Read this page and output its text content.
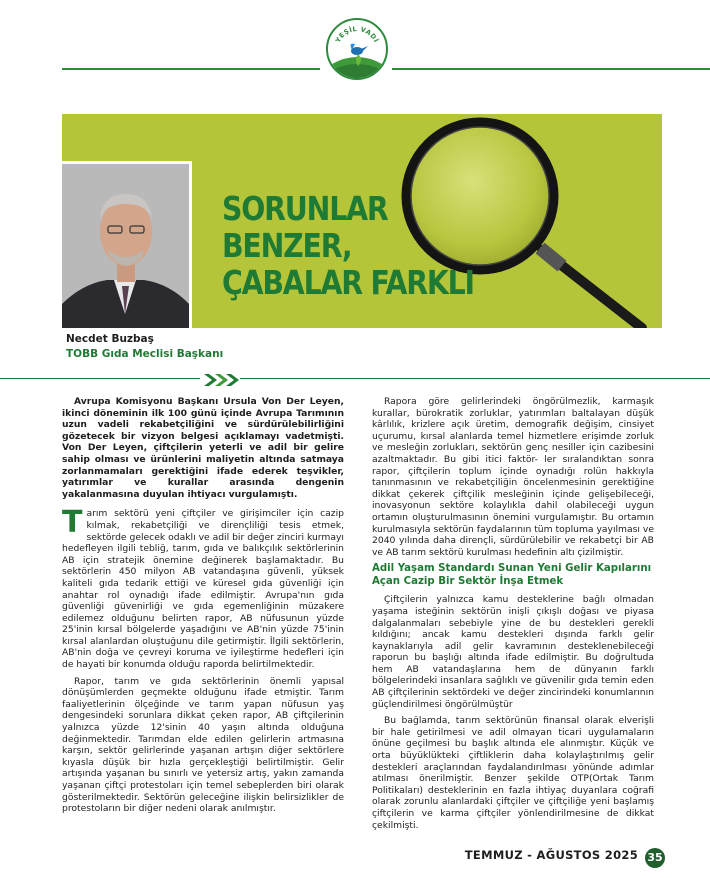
YEŞİL VADİ
SORUNLAR BENZER,
ÇABALAR FARKLI
Necdet Buzbaş
TOBB Gıda Meclisi Başkanı

Avrupa Komisyonu Başkanı Ursula Von Der Leyen, ikinci döneminin ilk 100 günü içinde Avrupa Tarımının uzun vadeli rekabetçiliğini ve sürdürülebilirliğini gözetecek bir vizyon belgesi açıklamayı vadetmişti. Von Der Leyen, çiftçilerin yeterli ve adil bir gelire sahip olması ve ürünlerini maliyetin altında satmaya zorlanmamaları gerektiğini ifade ederek teşvikler, yatırımlar ve kurallar arasında dengenin yakalanmasına duyulan ihtiyacı vurgulamıştı.

Tarım sektörü yeni çiftçiler ve girişimciler için cazip kılmak, rekabetçiliği ve dirençliliği tesis etmek, sektörde gelecek odaklı ve adil bir değer zinciri kurmayı hedefleyen ilgili tebliğ, tarım, gıda ve balıkçılık sektörlerinin AB için stratejik önemine değinerek başlamaktadır. Bu sektörlerin 450 milyon AB vatandaşına güvenli, yüksek kaliteli gıda tedarik ettiği ve küresel gıda güvenliği için anahtar rol oynadığı ifade edilmiştir. Avrupa'nın gıda güvenliği güvenirliği ve gıda egemenliğinin müzakere edilemez olduğunu belirten rapor, AB nüfusunun yüzde 25'inin kırsal bölgelerde yaşadığını ve AB'nin yüzde 75'inin kırsal alanlardan oluştuğunu dile getirmiştir. İlgili sektörlerin, AB'nin doğa ve çevreyi koruma ve iyileştirme hedefleri için de hayati bir konumda olduğu raporda belirtilmektedir.

Rapor, tarım ve gıda sektörlerinin önemli yapısal dönüşümlerden geçmekte olduğunu ifade etmiştir. Tarım faaliyetlerinin ölçeğinde ve tarım yapan nüfusun yaş dengesindeki sorunlara dikkat çeken rapor, AB çiftçilerinin yalnızca yüzde 12'sinin 40 yaşın altında olduğuna değinmektedir. Tarımdan elde edilen gelirlerin artmasına karşın, sektör gelirlerinde yaşanan artışın diğer sektörlere kıyasla düşük bir hızla gerçekleştiği belirtilmiştir. Gelir artışında yaşanan bu sınırlı ve yetersiz artış, yakın zamanda yaşanan çiftçi protestoları için temel sebeplerden biri olarak gösterilmektedir. Sektörün geleceğine ilişkin belirsizlikler de protestoların bir diğer nedeni olarak anılmıştır.

Rapora göre gelirlerindeki öngörülmezlik, karmaşık kurallar, bürokratik zorluklar, yatırımları baltalayan düşük kârlılık, krizlere açık üretim, demografik değişim, cinsiyet uçurumu, kırsal alanlarda temel hizmetlere erişimde zorluk ve mesleğin zorlukları, sektörün genç nesiller için cazibesini azaltmaktadır. Bu gibi itici faktör- ler sıralandıktan sonra rapor, çiftçilerin toplum içinde oynadığı rolün hakkıyla tanınmasının ve rekabetçiliğin öncelenmesinin gerektiğine dikkat çekerek çiftçilik mesleğinin içinde gelişebileceği, inovasyonun sektöre kolaylıkla dahil olabileceği uygun ortamın oluşturulmasının önemini vurgulamıştır. Bu ortamın kurulmasıyla sektörün faydalarının tüm topluma yayılması ve 2040 yılında daha dirençli, sürdürülebilir ve rekabetçi bir AB ve AB tarım sektörü kurulması hedefinin altı çizilmiştir.

Adil Yaşam Standardı Sunan Yeni Gelir Kapılarını Açan Cazip Bir Sektör İnşa Etmek

Çiftçilerin yalnızca kamu desteklerine bağlı olmadan yaşama isteğinin sektörün inişli çıkışlı doğası ve piyasa dalgalanmaları sebebiyle yine de bu destekleri gerekli kıldığını; ancak kamu destekleri dışında farklı gelir kaynaklarıyla adil gelir kavramının desteklenebileceği raporun bu başlığı altında ifade edilmiştir. Bu doğrultuda hem AB vatandaşlarına hem de dünyanın farklı bölgelerindeki insanlara sağlıklı ve güvenilir gıda temin eden AB çiftçilerinin sektördeki ve değer zincirindeki konumlarının güçlendirilmesi öngörülmüştür

Bu bağlamda, tarım sektörünün finansal olarak elverişli bir hale getirilmesi ve adil olmayan ticari uygulamaların önüne geçilmesi bu başlık altında ele alınmıştır. Küçük ve orta büyüklükteki çiftliklerin daha kolaylaştırılmış gelir destekleri araçlarından faydalandırılması yönünde adımlar atılması önerilmiştir. Benzer şekilde OTP(Ortak Tarım Politikaları) desteklerinin en fazla ihtiyaç duyanlara coğrafi olarak zorunlu alanlardaki çiftçiler ve çiftçiliğe yeni başlamış çiftçilerin ve karma çiftçiler yönlendirilmesine de dikkat çekilmişti.

TEMMUZ - AĞUSTOS 2025 35
